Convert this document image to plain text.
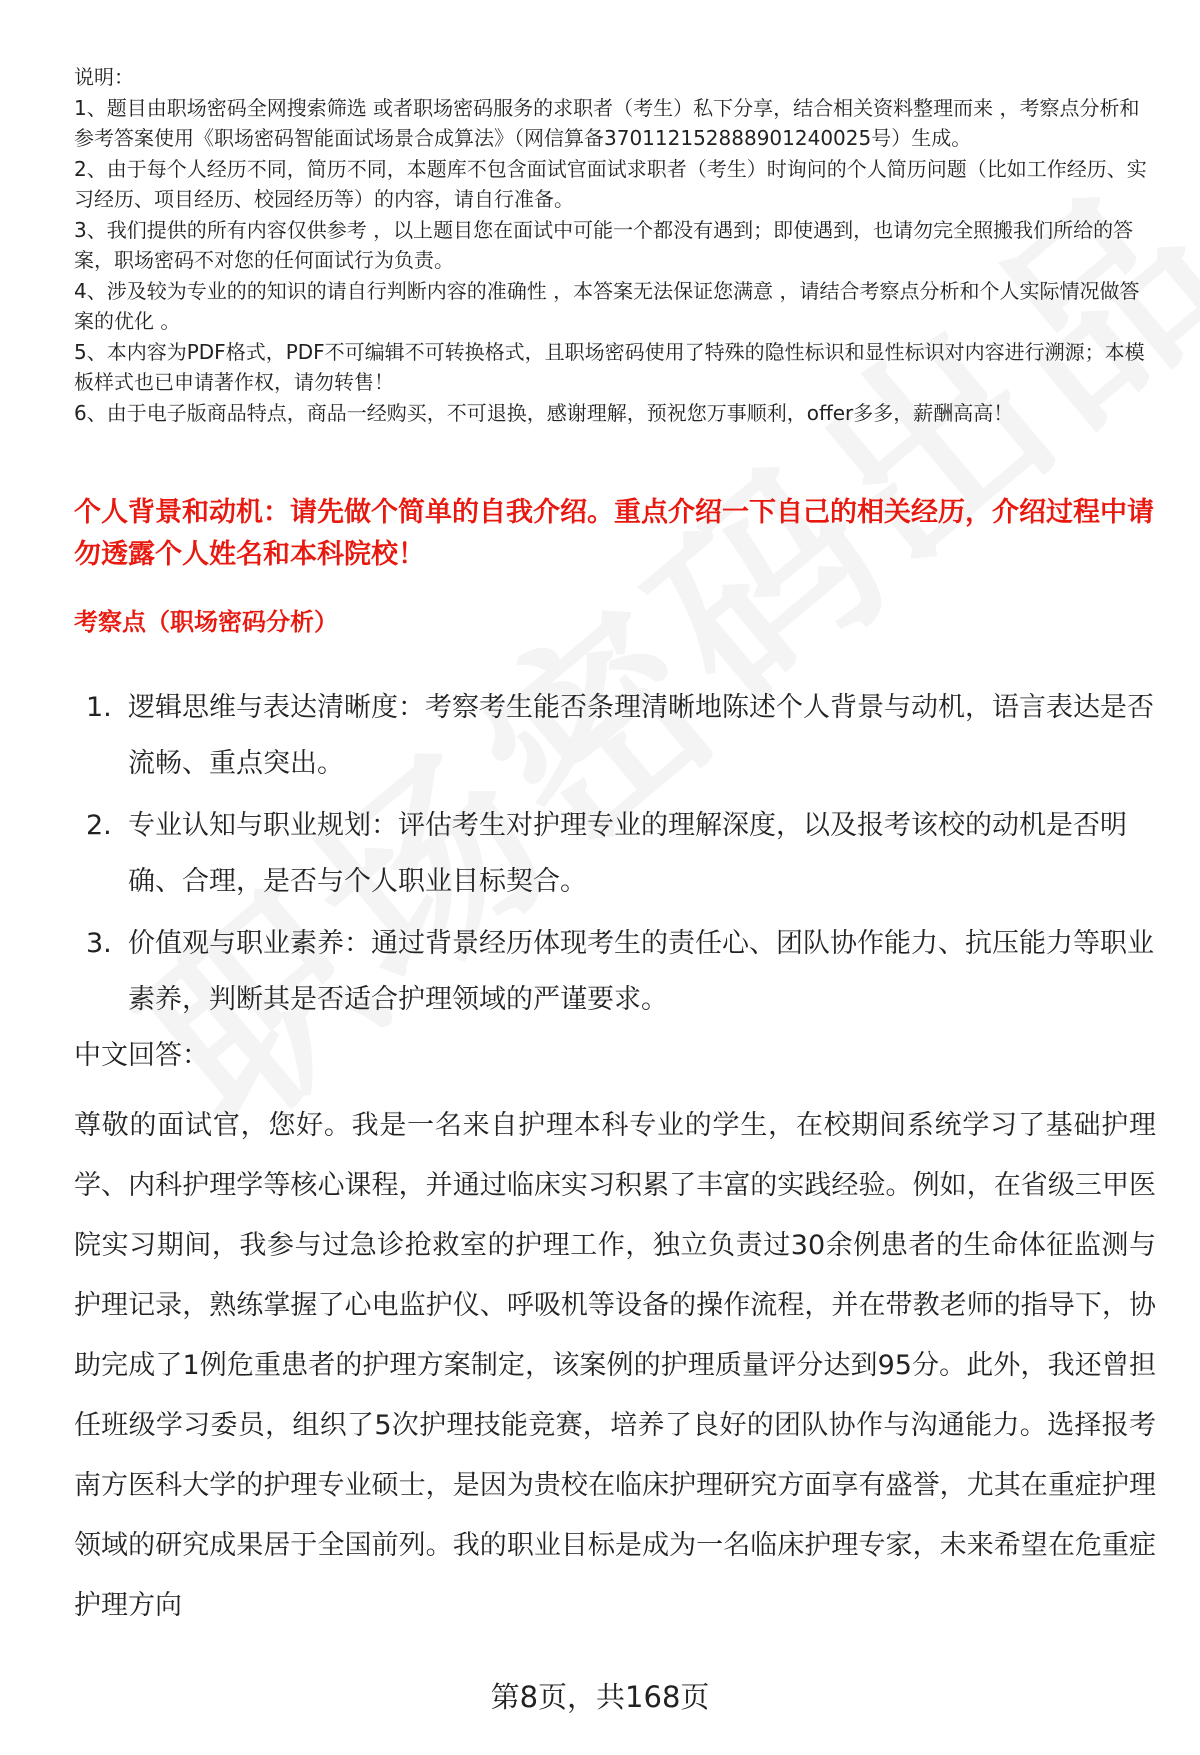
说明：

1、题目由职场密码全网搜索筛选 或者职场密码服务的求职者（考生）私下分享，结合相关资料整理而来 ，考察点分析和参考答案使用《职场密码智能面试场景合成算法》（网信算备370112152888901240025号）生成。

2、由于每个人经历不同，简历不同，本题库不包含面试官面试求职者（考生）时询问的个人简历问题（比如工作经历、实习经历、项目经历、校园经历等）的内容，请自行准备。

3、我们提供的所有内容仅供参考 ，以上题目您在面试中可能一个都没有遇到；即使遇到，也请勿完全照搬我们所给的答案，职场密码不对您的任何面试行为负责。

4、涉及较为专业的的知识的请自行判断内容的准确性 ，本答案无法保证您满意 ，请结合考察点分析和个人实际情况做答案的优化 。

5、本内容为PDF格式，PDF不可编辑不可转换格式，且职场密码使用了特殊的隐性标识和显性标识对内容进行溯源；本模板样式也已申请著作权，请勿转售！

6、由于电子版商品特点，商品一经购买，不可退换，感谢理解，预祝您万事顺利，offer多多，薪酬高高！

个人背景和动机：请先做个简单的自我介绍。重点介绍一下自己的相关经历，介绍过程中请勿透露个人姓名和本科院校！
考察点（职场密码分析）
1. 逻辑思维与表达清晰度：考察考生能否条理清晰地陈述个人背景与动机，语言表达是否流畅、重点突出。
2. 专业认知与职业规划：评估考生对护理专业的理解深度，以及报考该校的动机是否明确、合理，是否与个人职业目标契合。
3. 价值观与职业素养：通过背景经历体现考生的责任心、团队协作能力、抗压能力等职业素养，判断其是否适合护理领域的严谨要求。
中文回答：
尊敬的面试官，您好。我是一名来自护理本科专业的学生，在校期间系统学习了基础护理学、内科护理学等核心课程，并通过临床实习积累了丰富的实践经验。例如，在省级三甲医院实习期间，我参与过急诊抢救室的护理工作，独立负责过30余例患者的生命体征监测与护理记录，熟练掌握了心电监护仪、呼吸机等设备的操作流程，并在带教老师的指导下，协助完成了1例危重患者的护理方案制定，该案例的护理质量评分达到95分。此外，我还曾担任班级学习委员，组织了5次护理技能竞赛，培养了良好的团队协作与沟通能力。选择报考南方医科大学的护理专业硕士，是因为贵校在临床护理研究方面享有盛誉，尤其在重症护理领域的研究成果居于全国前列。我的职业目标是成为一名临床护理专家，未来希望在危重症护理方向
第8页，共168页
